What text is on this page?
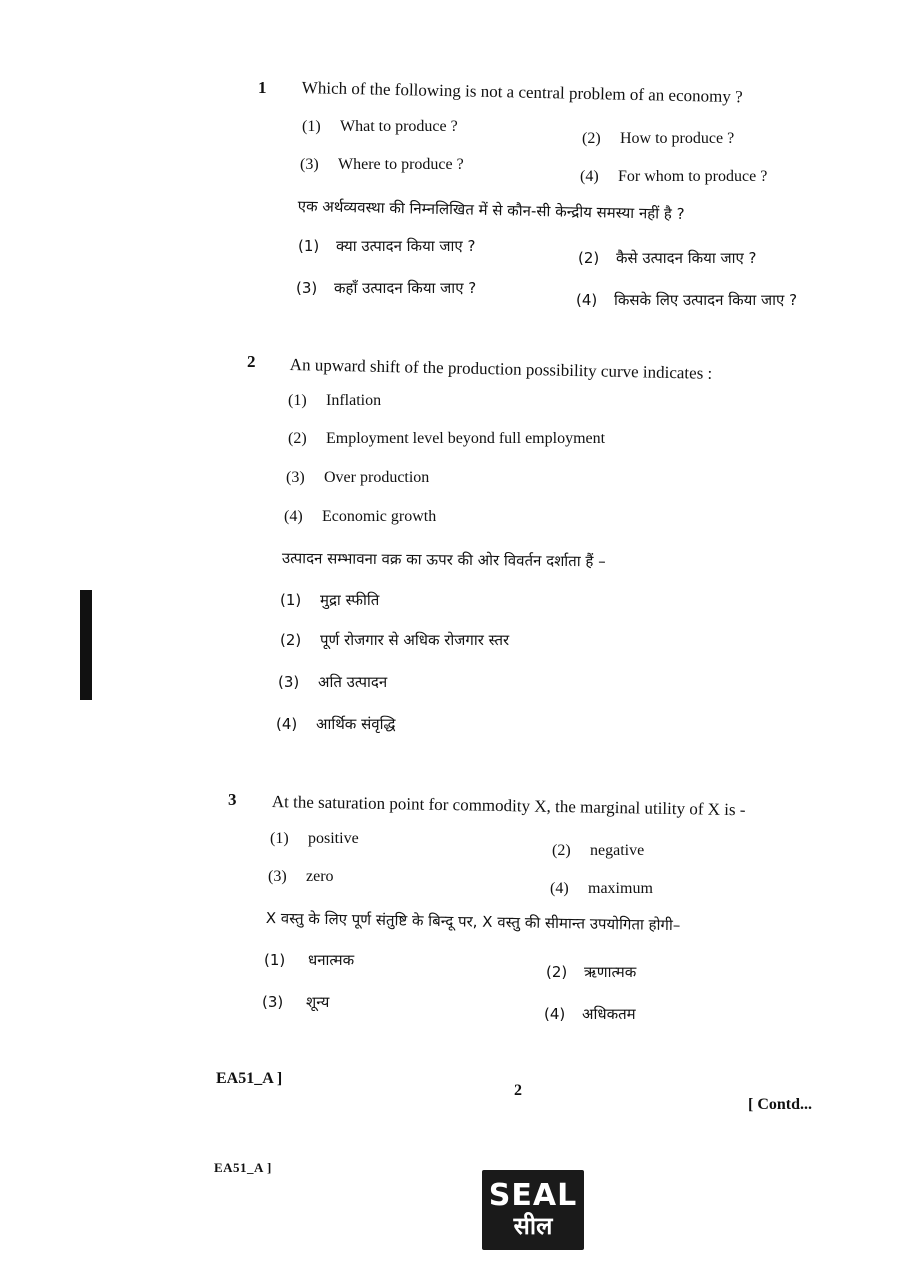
1 Which of the following is not a central problem of an economy ?
(1) What to produce ?
(2) How to produce ?
(3) Where to produce ?
(4) For whom to produce ?
एक अर्थव्यवस्था की निम्नलिखित में से कौन-सी केन्द्रीय समस्या नहीं है ?
(1) क्या उत्पादन किया जाए ?
(2) कैसे उत्पादन किया जाए ?
(3) कहाँ उत्पादन किया जाए ?
(4) किसके लिए उत्पादन किया जाए ?
2 An upward shift of the production possibility curve indicates :
(1) Inflation
(2) Employment level beyond full employment
(3) Over production
(4) Economic growth
उत्पादन सम्भावना वक्र का ऊपर की ओर विवर्तन दर्शाता हैं –
(1) मुद्रा स्फीति
(2) पूर्ण रोजगार से अधिक रोजगार स्तर
(3) अति उत्पादन
(4) आर्थिक संवृद्धि
3 At the saturation point for commodity X, the marginal utility of X is -
(1) positive
(2) negative
(3) zero
(4) maximum
X वस्तु के लिए पूर्ण संतुष्टि के बिन्दू पर, X वस्तु की सीमान्त उपयोगिता होगी–
(1) धनात्मक
(2) ऋणात्मक
(3) शून्य
(4) अधिकतम
EA51_A ]
2
[ Contd...
EA51_A ]
SEAL
सील
